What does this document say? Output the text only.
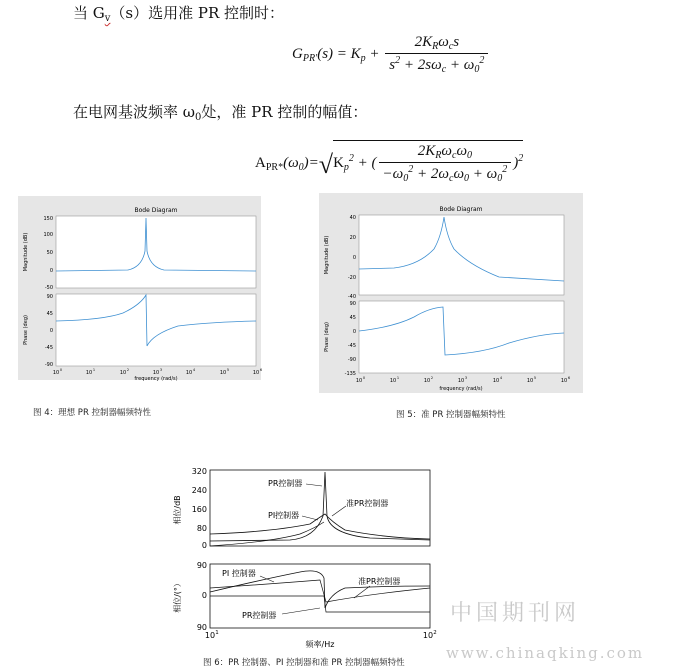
当 $G_v(s)$选用准 PR 控制时：
$G_{PR'}(s) = K_p + \frac{2K_R\omega_cs}{s^2 + 2s\omega_c + \omega_0^2}$
在电网基波频率 $\omega_0$处，准 PR 控制的幅值：
$A_{PR*}(\omega_0)=√K_p^2$ + ( $\frac{2K_R\omega_c\omega_0}{-\omega_0^2 + 2\omega_c\omega_0 + \omega_0^2} )^2$
Bode Diagram
Magnitude (dB)
Phase (deg)
150
100
50
0
-50
90
45
0
-45
-90
10 0	10 1	10 2	10 3	10 4	10 5	10 6
frequency (rad/s)
图 4：理想 PR 控制器幅频特性
Bode Diagram
Magnitude (dB)
Phase (deg)
40
20
0
-20
-40
90
45
0
-45
-90
-135
10 0	10 1	10 2	10 3	10 4	10 5	10 6
frequency (rad/s)
图 5：准 PR 控制器幅频特性
相位/dB
相位/(°）
320
240
160
80
0
90
0
90
10 1	10 2
频率/Hz
PR控制器
PI控制器
准PR控制器
PI 控制器
准PR控制器
PR控制器
图 6：PR 控制器、PI 控制器和准 PR 控制器幅频特性
中国期刊网
www.chinaqking.com
